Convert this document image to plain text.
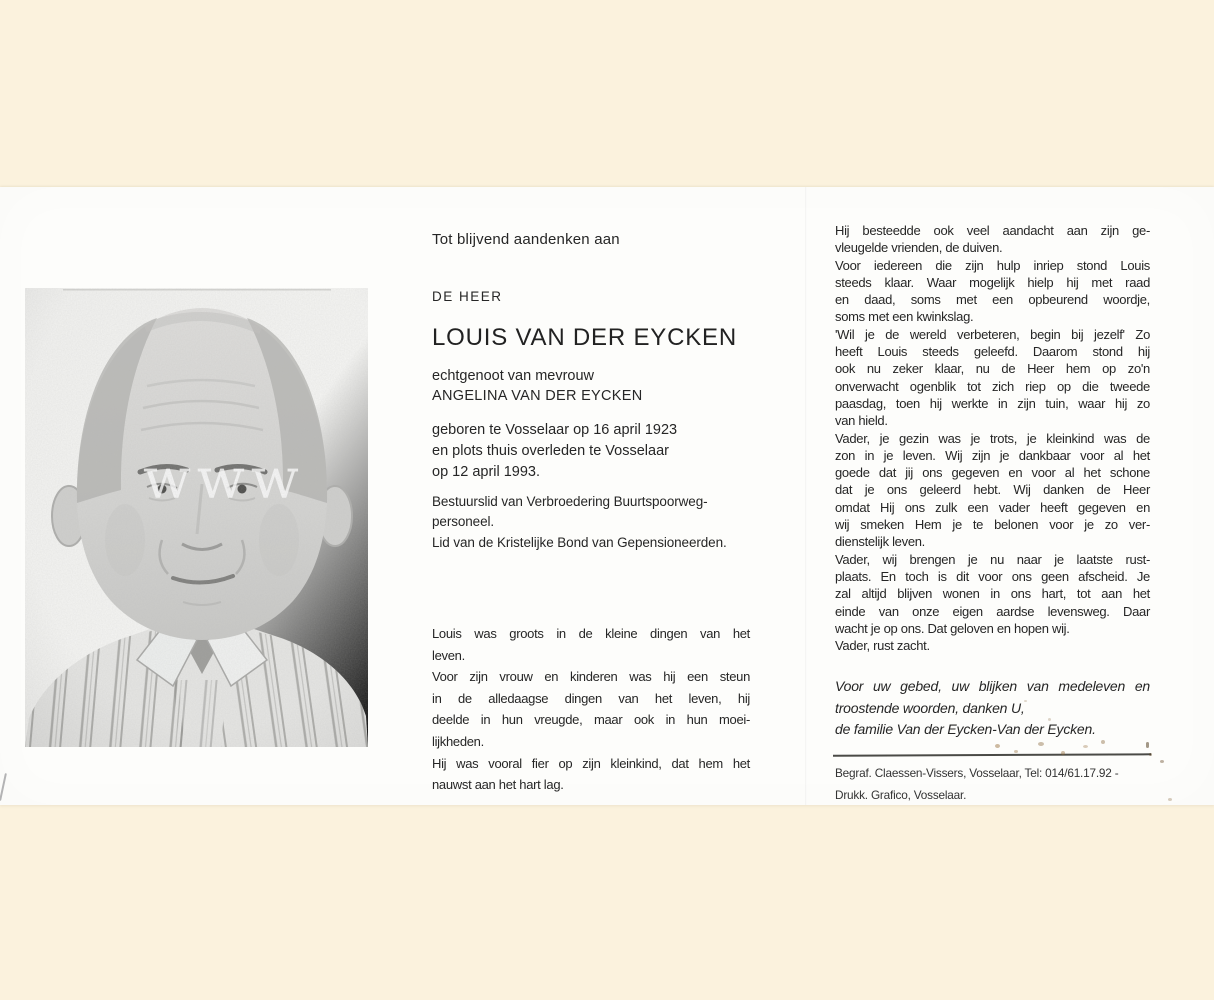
Tot blijvend aandenken aan
DE HEER
LOUIS VAN DER EYCKEN
echtgenoot van mevrouw
ANGELINA VAN DER EYCKEN
geboren te Vosselaar op 16 april 1923
en plots thuis overleden te Vosselaar
op 12 april 1993.
Bestuurslid van Verbroedering Buurtspoorweg-
personeel.
Lid van de Kristelijke Bond van Gepensioneerden.
Louis was groots in de kleine dingen van het
leven.
Voor zijn vrouw en kinderen was hij een steun
in de alledaagse dingen van het leven, hij
deelde in hun vreugde, maar ook in hun moei-
lijkheden.
Hij was vooral fier op zijn kleinkind, dat hem het
nauwst aan het hart lag.
Hij besteedde ook veel aandacht aan zijn ge-
vleugelde vrienden, de duiven.
Voor iedereen die zijn hulp inriep stond Louis
steeds klaar. Waar mogelijk hielp hij met raad
en daad, soms met een opbeurend woordje,
soms met een kwinkslag.
'Wil je de wereld verbeteren, begin bij jezelf' Zo
heeft Louis steeds geleefd. Daarom stond hij
ook nu zeker klaar, nu de Heer hem op zo'n
onverwacht ogenblik tot zich riep op die tweede
paasdag, toen hij werkte in zijn tuin, waar hij zo
van hield.
Vader, je gezin was je trots, je kleinkind was de
zon in je leven. Wij zijn je dankbaar voor al het
goede dat jij ons gegeven en voor al het schone
dat je ons geleerd hebt. Wij danken de Heer
omdat Hij ons zulk een vader heeft gegeven en
wij smeken Hem je te belonen voor je zo ver-
dienstelijk leven.
Vader, wij brengen je nu naar je laatste rust-
plaats. En toch is dit voor ons geen afscheid. Je
zal altijd blijven wonen in ons hart, tot aan het
einde van onze eigen aardse levensweg. Daar
wacht je op ons. Dat geloven en hopen wij.
Vader, rust zacht.
Voor uw gebed, uw blijken van medeleven en
troostende woorden, danken U,
de familie Van der Eycken-Van der Eycken.
Begraf. Claessen-Vissers, Vosselaar, Tel: 014/61.17.92 -
Drukk. Grafico, Vosselaar.
